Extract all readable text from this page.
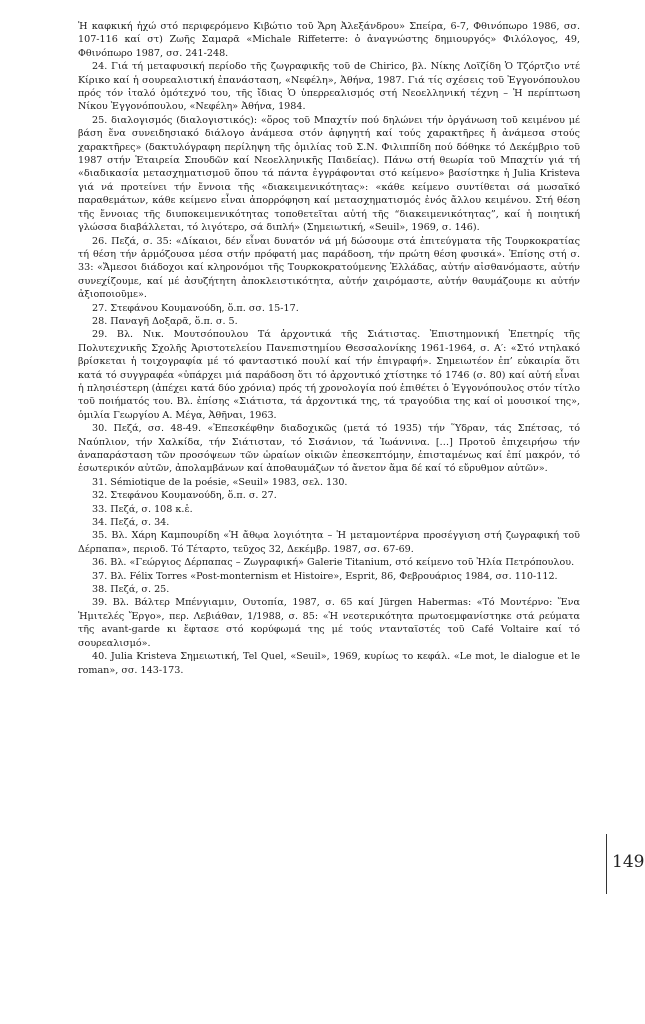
Ἡ καφκική ἠχώ στό περιφερόμενο Κιβώτιο τοῦ Ἄρη Ἀλεξάνδρου» Σπείρα, 6-7, Φθινόπωρο 1986, σσ. 107-116 καί στ) Ζωῆς Σαμαρᾶ «Michale Riffeterre: ὁ ἀναγνώστης δημιουργός» Φιλόλογος, 49, Φθινόπωρο 1987, σσ. 241-248.

24. Γιά τή μεταφυσική περίοδο τῆς ζωγραφικῆς τοῦ de Chirico, βλ. Νίκης Λοϊζίδη Ὁ Τζόρτζιο ντέ Κίρικο καί ἡ σουρεαλιστική ἐπανάσταση, «Νεφέλη», Ἀθήνα, 1987. Γιά τίς σχέσεις τοῦ Ἐγγονόπουλου πρός τόν ἰταλό ὁμότεχνό του, τῆς ἴδιας Ὁ ὑπερρεαλισμός στή Νεοελληνική τέχνη – Ἡ περίπτωση Νίκου Ἐγγονόπουλου, «Νεφέλη» Ἀθήνα, 1984.

25. διαλογισμός (διαλογιστικός): «ὅρος τοῦ Μπαχτίν πού δηλώνει τήν ὀργάνωση τοῦ κειμένου μέ βάση ἕνα συνειδησιακό διάλογο ἀνάμεσα στόν ἀφηγητή καί τούς χαρακτῆρες ἤ ἀνάμεσα στούς χαρακτῆρες» (δακτυλόγραφη περίληψη τῆς ὁμιλίας τοῦ Σ.Ν. Φιλιππίδη πού δόθηκε τό Δεκέμβριο τοῦ 1987 στήν Ἑταιρεία Σπουδῶν καί Νεοελληνικῆς Παιδείας). Πάνω στή θεωρία τοῦ Μπαχτίν γιά τή «διαδικασία μετασχηματισμοῦ ὅπου τά πάντα ἐγγράφονται στό κείμενο» βασίστηκε ἡ Julia Kristeva γιά νά προτείνει τήν ἔννοια τῆς «διακειμενικότητας»: «κάθε κείμενο συντίθεται σά μωσαϊκό παραθεμάτων, κάθε κείμενο εἶναι ἀπορρόφηση καί μετασχηματισμός ἑνός ἄλλου κειμένου. Στή θέση τῆς ἔννοιας τῆς διυποκειμενικότητας τοποθετεῖται αὐτή τῆς “διακειμενικότητας”, καί ἡ ποιητική γλώσσα διαβάλλεται, τό λιγότερο, σά διπλή» (Σημειωτική, «Seuil», 1969, σ. 146).

26. Πεζά, σ. 35: «Δίκαιοι, δέν εἶναι δυνατόν νά μή δώσουμε στά ἐπιτεύγματα τῆς Τουρκοκρατίας τή θέση τήν ἁρμόζουσα μέσα στήν πρόφατή μας παράδοση, τήν πρώτη θέση φυσικά». Ἐπίσης στή σ. 33: «Ἄμεσοι διάδοχοι καί κληρονόμοι τῆς Τουρκοκρατούμενης Ἑλλάδας, αὐτήν αἰσθανόμαστε, αὐτήν συνεχίζουμε, καί μέ ἀσυζήτητη ἀποκλειστικότητα, αὐτήν χαιρόμαστε, αὐτήν θαυμάζουμε κι αὐτήν ἀξιοποιοῦμε».

27. Στεφάνου Κουμανούδη, ὅ.π. σσ. 15-17.

28. Παναγῆ Δοξαρᾶ, ὅ.π. σ. 5.

29. Βλ. Νικ. Μουτσόπουλου Τά ἀρχοντικά τῆς Σιάτιστας. Ἐπιστημονική Ἐπετηρίς τῆς Πολυτεχνικῆς Σχολῆς Ἀριστοτελείου Πανεπιστημίου Θεσσαλονίκης 1961-1964, σ. Α′: «Στό ντηλακό βρίσκεται ἡ τοιχογραφία μέ τό φανταστικό πουλί καί τήν ἐπιγραφή». Σημειωτέον ἐπ’ εὐκαιρία ὅτι κατά τό συγγραφέα «ὑπάρχει μιά παράδοση ὅτι τό ἀρχοντικό χτίστηκε τό 1746 (σ. 80) καί αὐτή εἶναι ἡ πλησιέστερη (ἀπέχει κατά δύο χρόνια) πρός τή χρονολογία πού ἐπιθέτει ὁ Ἐγγονόπουλος στόν τίτλο τοῦ ποιήματός του. Βλ. ἐπίσης «Σιάτιστα, τά ἀρχοντικά της, τά τραγούδια της καί οἱ μουσικοί της», ὁμιλία Γεωργίου Α. Μέγα, Ἀθῆναι, 1963.

30. Πεζά, σσ. 48-49. «Ἐπεσκέφθην διαδοχικῶς (μετά τό 1935) τήν Ὕδραν, τάς Σπέτσας, τό Ναύπλιον, τήν Χαλκίδα, τήν Σιάτισταν, τό Σισάνιον, τά Ἰωάννινα. […] Προτοῦ ἐπιχειρήσω τήν ἀναπαράσταση τῶν προσόψεων τῶν ὡραίων οἰκιῶν ἐπεσκεπτόμην, ἐπισταμένως καί ἐπί μακρόν, τό ἐσωτερικόν αὐτῶν, ἀπολαμβάνων καί ἀποθαυμάζων τό ἄνετον ἅμα δέ καί τό εὔρυθμον αὐτῶν».

31. Sémiotique de la poésie, «Seuil» 1983, σελ. 130.

32. Στεφάνου Κουμανούδη, ὅ.π. σ. 27.

33. Πεζά, σ. 108 κ.ἑ.

34. Πεζά, σ. 34.

35. Βλ. Χάρη Καμπουρίδη «Ἡ ἄθῳα λογιότητα – Ἡ μεταμοντέρνα προσέγγιση στή ζωγραφική τοῦ Δέρπαπα», περιοδ. Τό Τέταρτο, τεῦχος 32, Δεκέμβρ. 1987, σσ. 67-69.

36. Βλ. «Γεώργιος Δέρπαπας – Ζωγραφική» Galerie Titanium, στό κείμενο τοῦ Ἠλία Πετρόπουλου.

37. Βλ. Félix Torres «Post-monternism et Histoire», Esprit, 86, Φεβρουάριος 1984, σσ. 110-112.

38. Πεζά, σ. 25.

39. Βλ. Βάλτερ Μπένγιαμιν, Ουτοπία, 1987, σ. 65 καί Jürgen Habermas: «Τό Μοντέρνο: Ἕνα Ἡμιτελές Ἔργο», περ. Λεβιάθαν, 1/1988, σ. 85: «Ἡ νεοτερικότητα πρωτοεμφανίστηκε στά ρεύματα τῆς avant-garde κι ἔφτασε στό κορύφωμά της μέ τούς ντανταϊστές τοῦ Café Voltaire καί τό σουρεαλισμό».

40. Julia Kristeva Σημειωτική, Tel Quel, «Seuil», 1969, κυρίως το κεφάλ. «Le mot, le dialogue et le roman», σσ. 143-173.

149
